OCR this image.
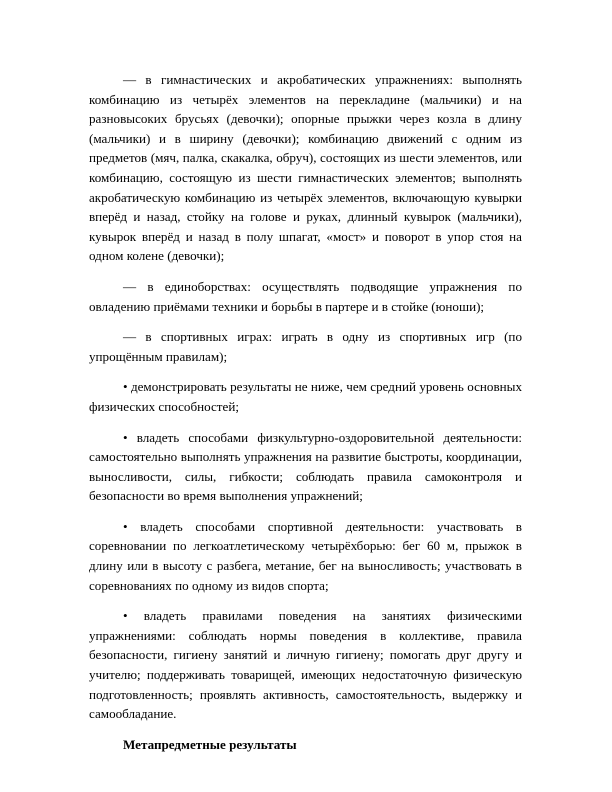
— в гимнастических и акробатических упражнениях: выполнять комбинацию из четырёх элементов на перекладине (мальчики) и на разновысоких брусьях (девочки); опорные прыжки через козла в длину (мальчики) и в ширину (девочки); комбинацию движений с одним из предметов (мяч, палка, скакалка, обруч), состоящих из шести элементов, или комбинацию, состоящую из шести гимнастических элементов; выполнять акробатическую комбинацию из четырёх элементов, включающую кувырки вперёд и назад, стойку на голове и руках, длинный кувырок (мальчики), кувырок вперёд и назад в полу шпагат, «мост» и поворот в упор стоя на одном колене (девочки);

— в единоборствах: осуществлять подводящие упражнения по овладению приёмами техники и борьбы в партере и в стойке (юноши);

— в спортивных играх: играть в одну из спортивных игр (по упрощённым правилам);

• демонстрировать результаты не ниже, чем средний уровень основных физических способностей;

• владеть способами физкультурно-оздоровительной деятельности: самостоятельно выполнять упражнения на развитие быстроты, координации, выносливости, силы, гибкости; соблюдать правила самоконтроля и безопасности во время выполнения упражнений;

• владеть способами спортивной деятельности: участвовать в соревновании по легкоатлетическому четырёхборью: бег 60 м, прыжок в длину или в высоту с разбега, метание, бег на выносливость; участвовать в соревнованиях по одному из видов спорта;

• владеть правилами поведения на занятиях физическими упражнениями: соблюдать нормы поведения в коллективе, правила безопасности, гигиену занятий и личную гигиену; помогать друг другу и учителю; поддерживать товарищей, имеющих недостаточную физическую подготовленность; проявлять активность, самостоятельность, выдержку и самообладание.

Метапредметные результаты
